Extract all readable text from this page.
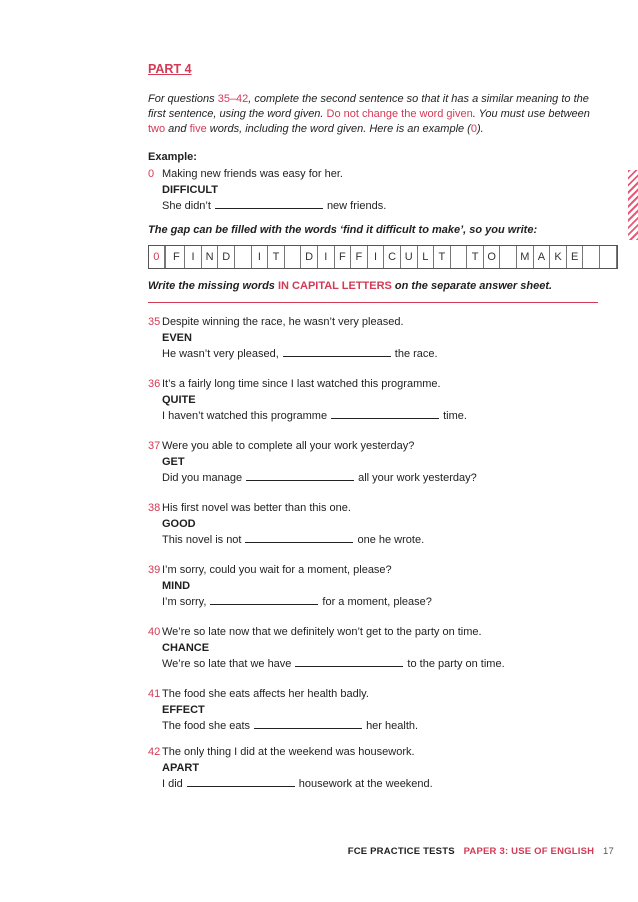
PART 4
For questions 35–42, complete the second sentence so that it has a similar meaning to the first sentence, using the word given. Do not change the word given. You must use between two and five words, including the word given. Here is an example (0).
Example:
0 Making new friends was easy for her.
DIFFICULT
She didn’t	new friends.
The gap can be filled with the words ‘find it difficult to make’, so you write:
0	F	I	N D	I	T	D	I	F F	I	C U L T	T O	M A K E
Write the missing words IN CAPITAL LETTERS on the separate answer sheet.
35 Despite winning the race, he wasn’t very pleased.
EVEN
He wasn’t very pleased,	the race.
36 It’s a fairly long time since I last watched this programme.
QUITE
I haven’t watched this programme	time.
37 Were you able to complete all your work yesterday?
GET
Did you manage	all your work yesterday?
38 His first novel was better than this one.
GOOD
This novel is not	one he wrote.
39 I’m sorry, could you wait for a moment, please?
MIND
I’m sorry,	for a moment, please?
40 We’re so late now that we definitely won’t get to the party on time.
CHANCE
We’re so late that we have	to the party on time.
41 The food she eats affects her health badly.
EFFECT
The food she eats	her health.
42 The only thing I did at the weekend was housework.
APART
I did	housework at the weekend.
FCE PRACTICE TESTS PAPER 3: USE OF ENGLISH 17
